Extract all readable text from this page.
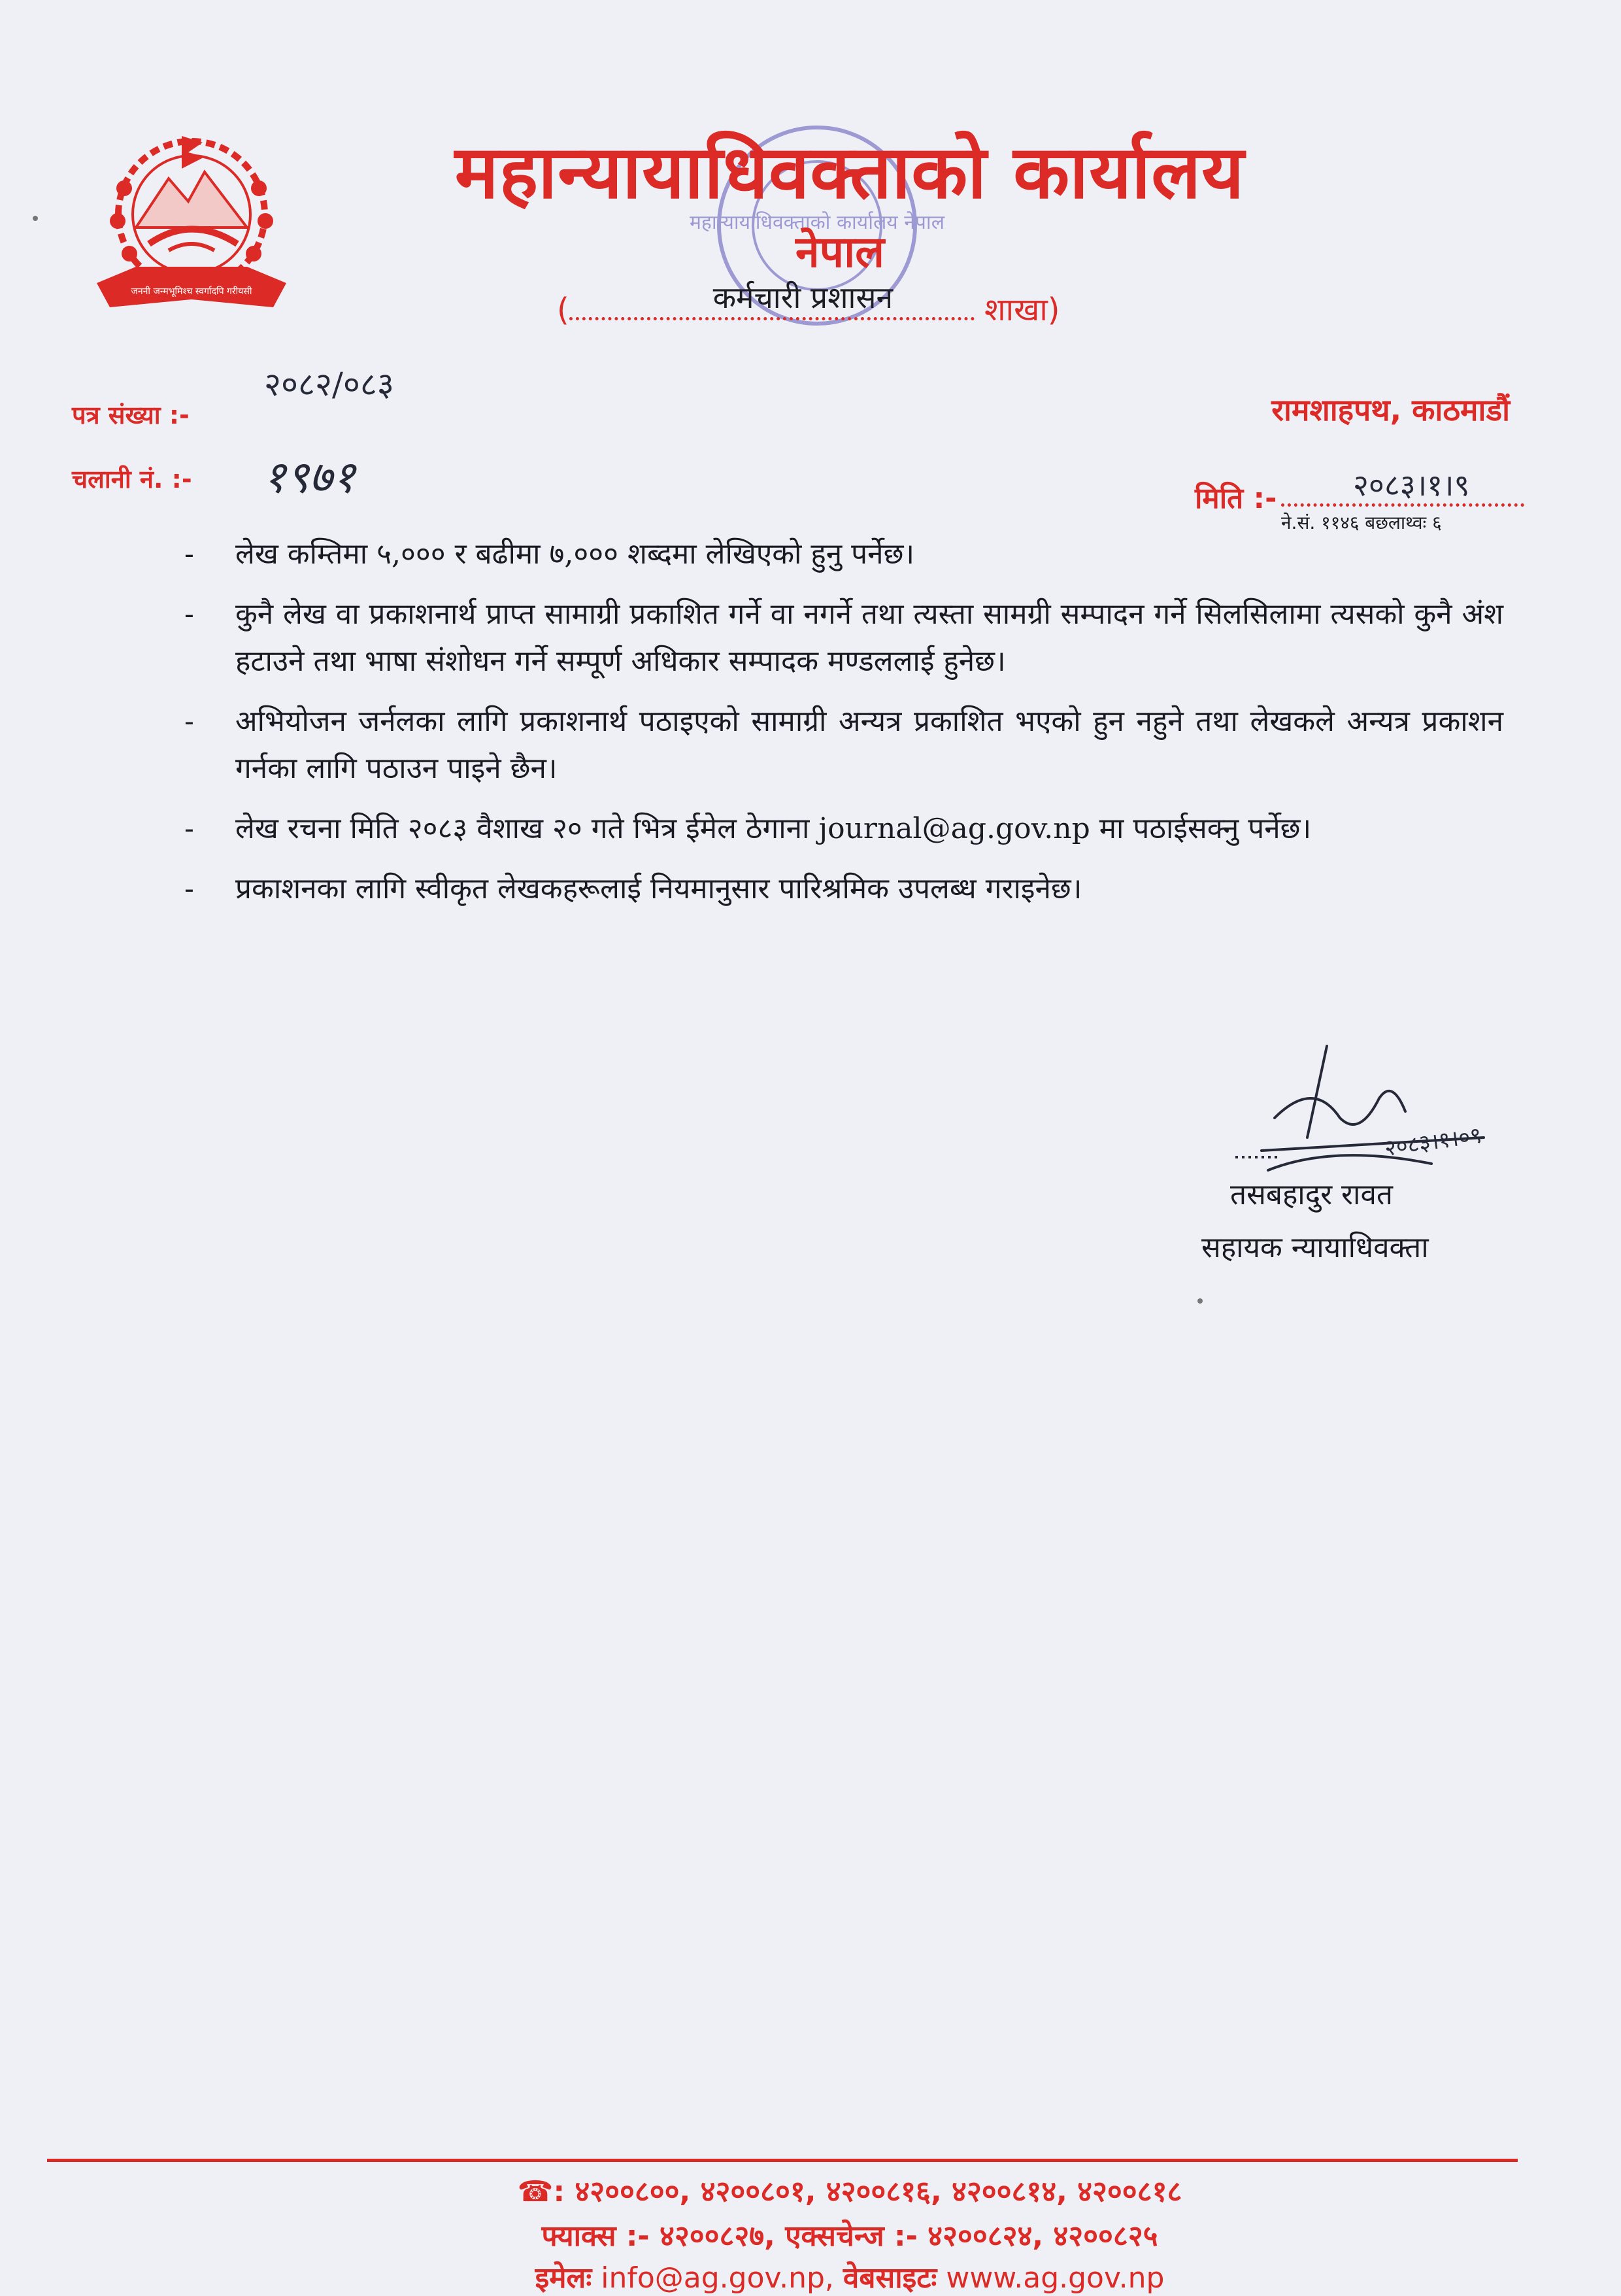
जननी जन्मभूमिश्च स्वर्गादपि गरीयसी
महान्यायाधिवक्ताको कार्यालय नेपाल
महान्यायाधिवक्ताको कार्यालय
नेपाल
(	कर्मचारी प्रशासन	शाखा)
पत्र संख्या :-
२०८२/०८३
चलानी नं. :- १९७१
रामशाहपथ, काठमाडौं
मिति :-	२०८३।१।९
ने.सं. ११४६ बछलाथ्वः ६
- लेख कम्तिमा ५,००० र बढीमा ७,००० शब्दमा लेखिएको हुनु पर्नेछ।
- कुनै लेख वा प्रकाशनार्थ प्राप्त सामाग्री प्रकाशित गर्ने वा नगर्ने तथा त्यस्ता सामग्री सम्पादन गर्ने सिलसिलामा त्यसको कुनै अंश हटाउने तथा भाषा संशोधन गर्ने सम्पूर्ण अधिकार सम्पादक मण्डललाई हुनेछ।
- अभियोजन जर्नलका लागि प्रकाशनार्थ पठाइएको सामाग्री अन्यत्र प्रकाशित भएको हुन नहुने तथा लेखकले अन्यत्र प्रकाशन गर्नका लागि पठाउन पाइने छैन।
- लेख रचना मिति २०८३ वैशाख २० गते भित्र ईमेल ठेगाना journal@ag.gov.np मा पठाईसक्नु पर्नेछ।
- प्रकाशनका लागि स्वीकृत लेखकहरूलाई नियमानुसार पारिश्रमिक उपलब्ध गराइनेछ।
२०८३।१।०९
तसबहादुर रावत
सहायक न्यायाधिवक्ता
☎: ४२००८००, ४२००८०१, ४२००८१६, ४२००८१४, ४२००८१८
फ्याक्स :- ४२००८२७, एक्सचेन्ज :- ४२००८२४, ४२००८२५
इमेलः info@ag.gov.np, वेबसाइटः www.ag.gov.np
